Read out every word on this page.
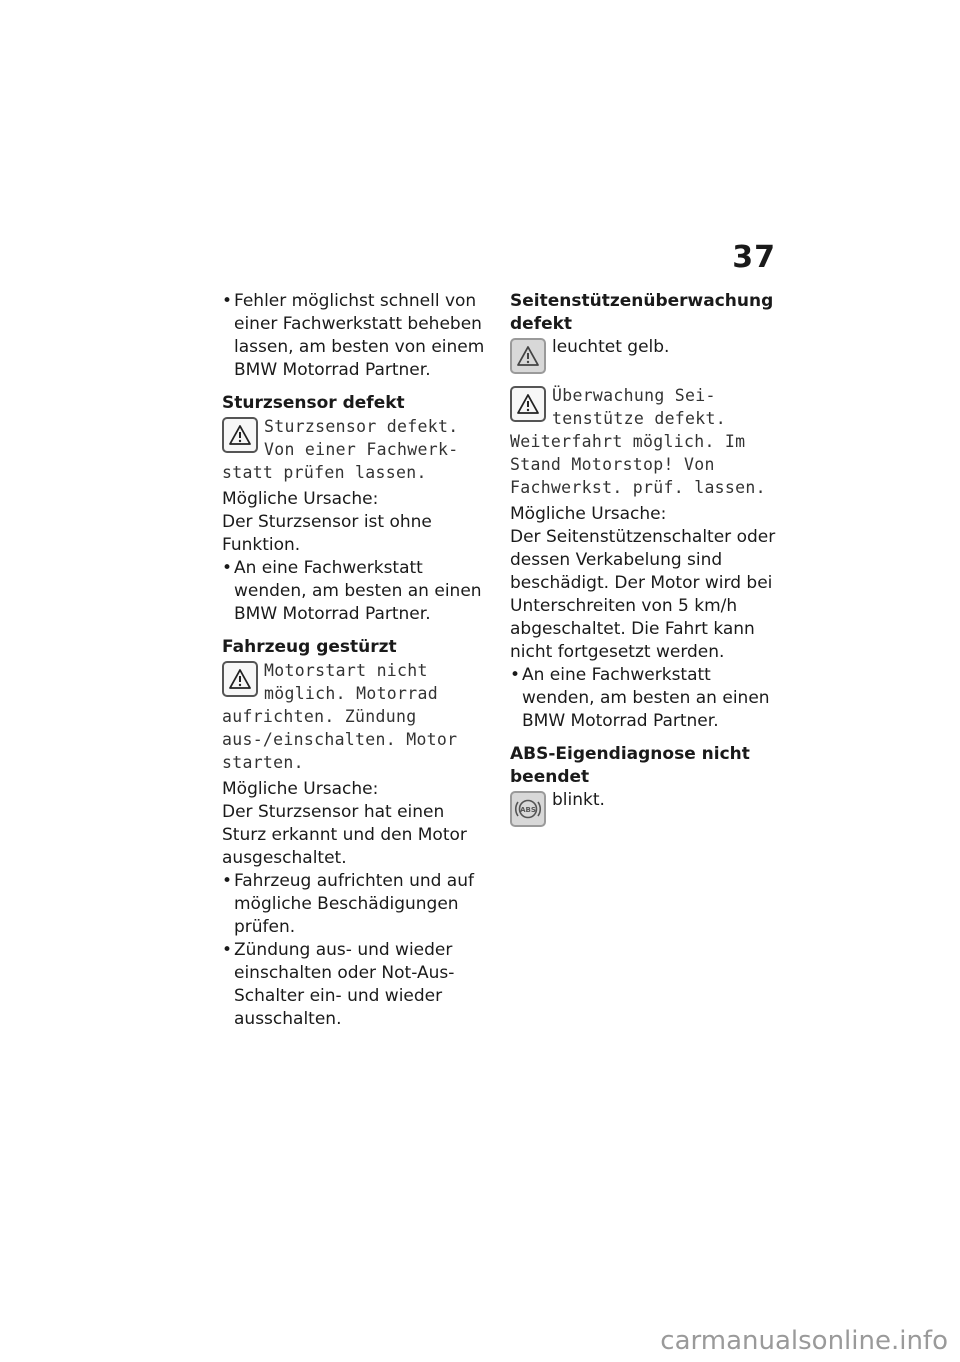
37
• Fehler möglichst schnell von einer Fachwerkstatt beheben lassen, am besten von einem BMW Motorrad Partner.
Sturzsensor defekt
Sturzsensor defekt.
Von einer Fachwerk-
statt prüfen lassen.
Mögliche Ursache:
Der Sturzsensor ist ohne Funktion.
• An eine Fachwerkstatt wenden, am besten an einen BMW Motorrad Partner.
Fahrzeug gestürzt
Motorstart nicht
möglich. Motorrad
aufrichten. Zündung aus-/einschalten. Motor starten.
Mögliche Ursache:
Der Sturzsensor hat einen Sturz erkannt und den Motor ausgeschaltet.
• Fahrzeug aufrichten und auf mögliche Beschädigungen prüfen.
• Zündung aus- und wieder einschalten oder Not-Aus-Schalter ein- und wieder ausschalten.
Seitenstützenüberwachung defekt
leuchtet gelb.
Überwachung Sei-
tenstütze defekt.
Weiterfahrt möglich. Im Stand Motorstop! Von Fachwerkst. prüf. lassen.
Mögliche Ursache:
Der Seitenstützenschalter oder dessen Verkabelung sind beschädigt. Der Motor wird bei Unterschreiten von 5 km/h abgeschaltet. Die Fahrt kann nicht fortgesetzt werden.
• An eine Fachwerkstatt wenden, am besten an einen BMW Motorrad Partner.
ABS-Eigendiagnose nicht beendet
ABS blinkt.
carmanualsonline.info
